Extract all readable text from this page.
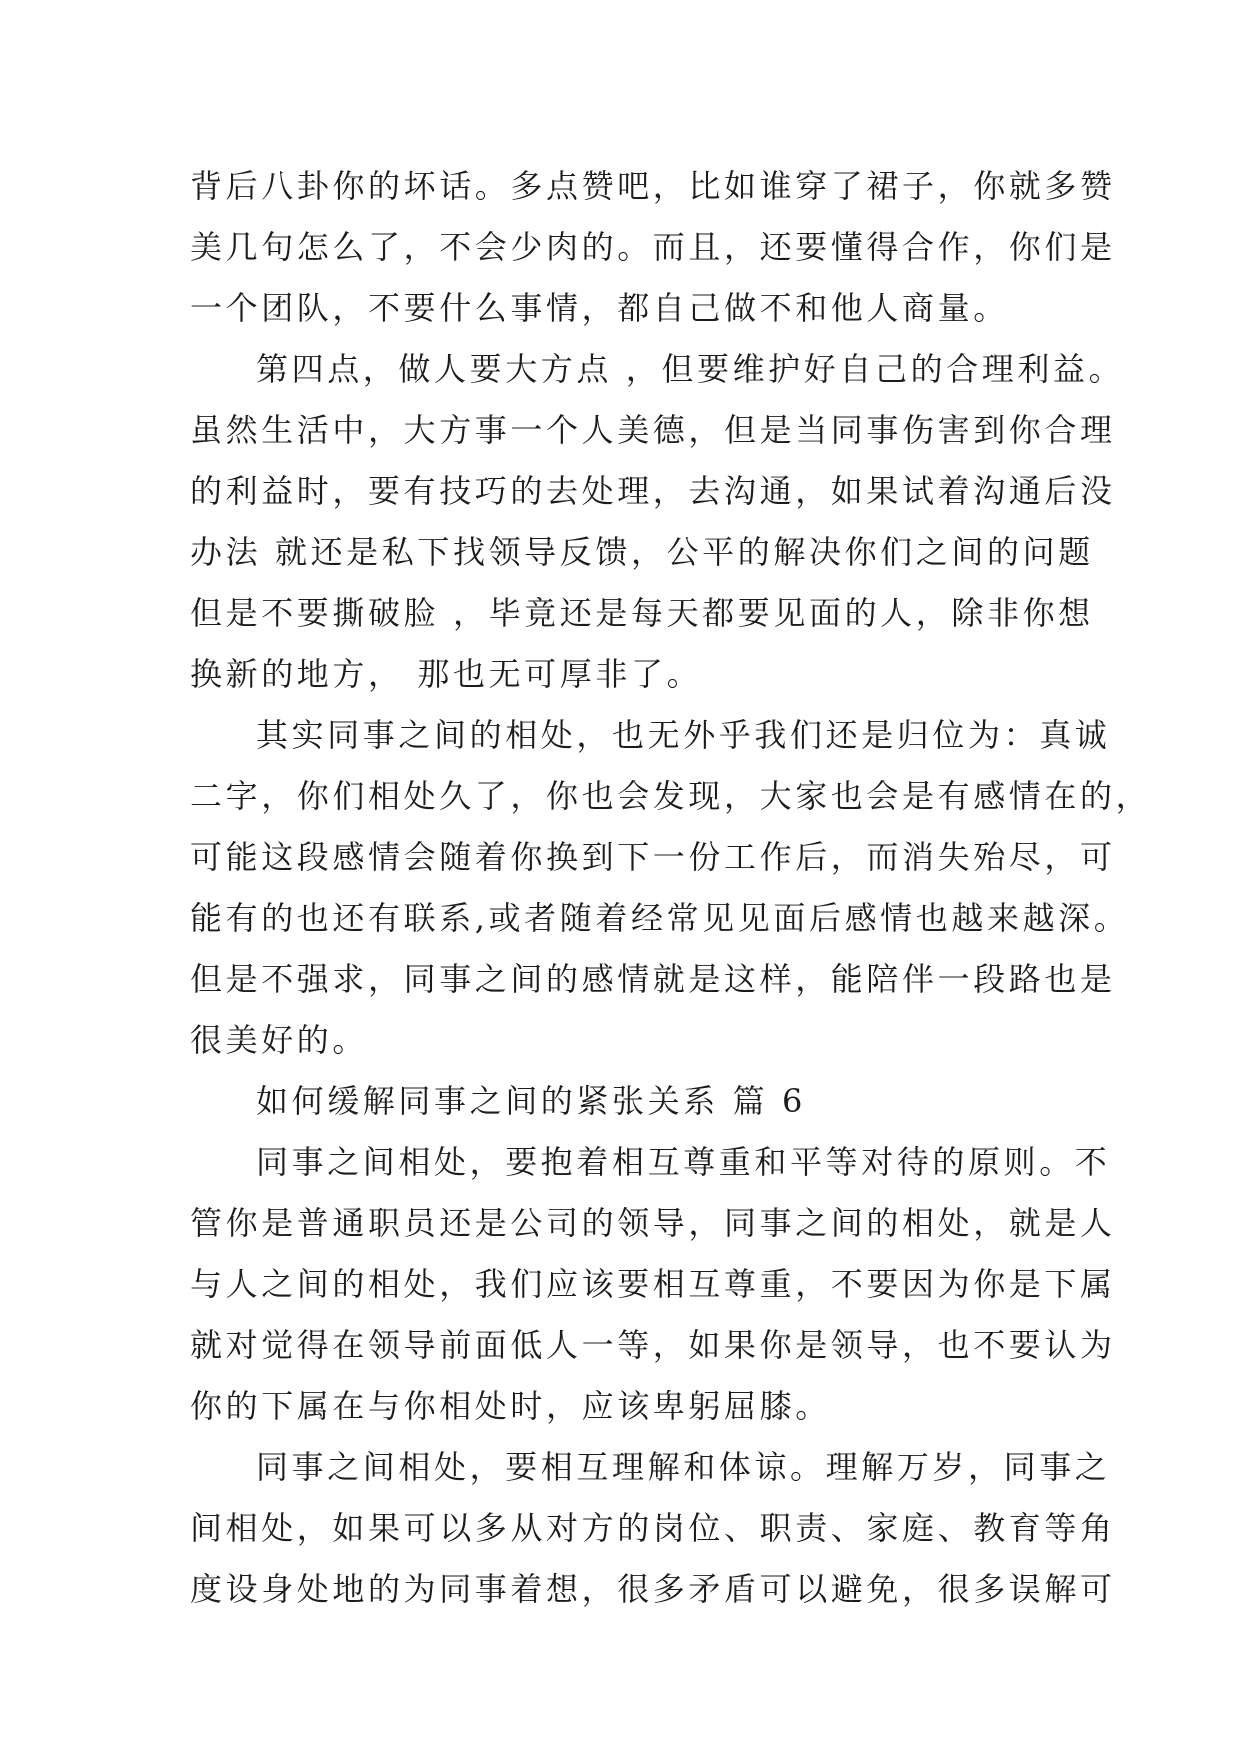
背后八卦你的坏话。多点赞吧，比如谁穿了裙子，你就多赞
美几句怎么了，不会少肉的。而且，还要懂得合作，你们是
一个团队，不要什么事情，都自己做不和他人商量。
第四点，做人要大方点 ，但要维护好自己的合理利益。
虽然生活中，大方事一个人美德，但是当同事伤害到你合理
的利益时，要有技巧的去处理，去沟通，如果试着沟通后没
办法 就还是私下找领导反馈，公平的解决你们之间的问题
但是不要撕破脸 ，毕竟还是每天都要见面的人，除非你想
换新的地方， 那也无可厚非了。
其实同事之间的相处，也无外乎我们还是归位为：真诚
二字，你们相处久了，你也会发现，大家也会是有感情在的，
可能这段感情会随着你换到下一份工作后，而消失殆尽，可
能有的也还有联系,或者随着经常见见面后感情也越来越深。
但是不强求，同事之间的感情就是这样，能陪伴一段路也是
很美好的。
如何缓解同事之间的紧张关系 篇 6
同事之间相处，要抱着相互尊重和平等对待的原则。不
管你是普通职员还是公司的领导，同事之间的相处，就是人
与人之间的相处，我们应该要相互尊重，不要因为你是下属
就对觉得在领导前面低人一等，如果你是领导，也不要认为
你的下属在与你相处时，应该卑躬屈膝。
同事之间相处，要相互理解和体谅。理解万岁，同事之
间相处，如果可以多从对方的岗位、职责、家庭、教育等角
度设身处地的为同事着想，很多矛盾可以避免，很多误解可
